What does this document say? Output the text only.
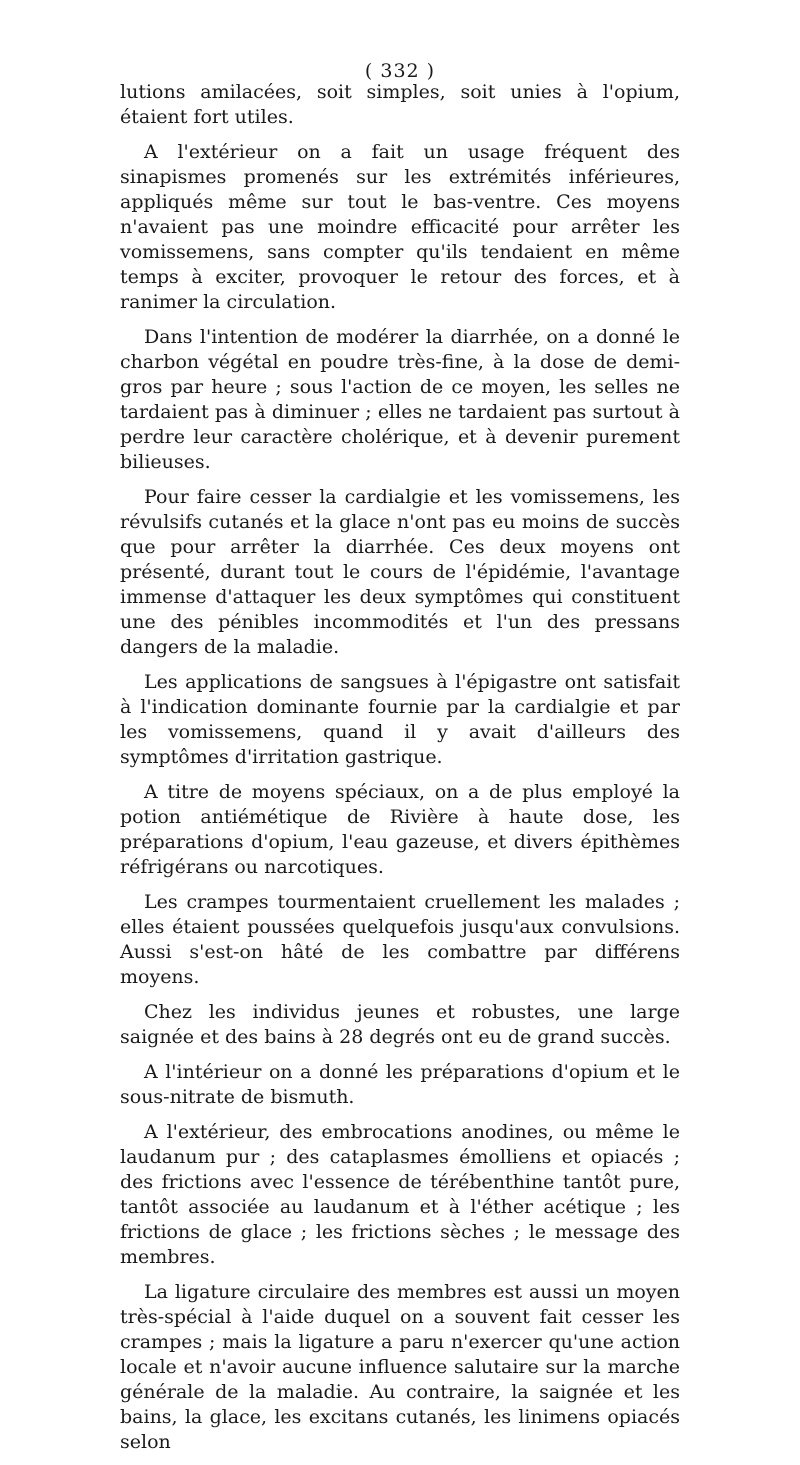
( 332 )

lutions amilacées, soit simples, soit unies à l'opium, étaient fort utiles.

A l'extérieur on a fait un usage fréquent des sinapismes promenés sur les extrémités inférieures, appliqués même sur tout le bas-ventre. Ces moyens n'avaient pas une moindre efficacité pour arrêter les vomissemens, sans compter qu'ils tendaient en même temps à exciter, provoquer le retour des forces, et à ranimer la circulation.

Dans l'intention de modérer la diarrhée, on a donné le charbon végétal en poudre très-fine, à la dose de demi-gros par heure ; sous l'action de ce moyen, les selles ne tardaient pas à diminuer ; elles ne tardaient pas surtout à perdre leur caractère cholérique, et à devenir purement bilieuses.

Pour faire cesser la cardialgie et les vomissemens, les révulsifs cutanés et la glace n'ont pas eu moins de succès que pour arrêter la diarrhée. Ces deux moyens ont présenté, durant tout le cours de l'épidémie, l'avantage immense d'attaquer les deux symptômes qui constituent une des pénibles incommodités et l'un des pressans dangers de la maladie.

Les applications de sangsues à l'épigastre ont satisfait à l'indication dominante fournie par la cardialgie et par les vomissemens, quand il y avait d'ailleurs des symptômes d'irritation gastrique.

A titre de moyens spéciaux, on a de plus employé la potion antiémétique de Rivière à haute dose, les préparations d'opium, l'eau gazeuse, et divers épithèmes réfrigérans ou narcotiques.

Les crampes tourmentaient cruellement les malades ; elles étaient poussées quelquefois jusqu'aux convulsions. Aussi s'est-on hâté de les combattre par différens moyens.

Chez les individus jeunes et robustes, une large saignée et des bains à 28 degrés ont eu de grand succès.

A l'intérieur on a donné les préparations d'opium et le sous-nitrate de bismuth.

A l'extérieur, des embrocations anodines, ou même le laudanum pur ; des cataplasmes émolliens et opiacés ; des frictions avec l'essence de térébenthine tantôt pure, tantôt associée au laudanum et à l'éther acétique ; les frictions de glace ; les frictions sèches ; le message des membres.

La ligature circulaire des membres est aussi un moyen très-spécial à l'aide duquel on a souvent fait cesser les crampes ; mais la ligature a paru n'exercer qu'une action locale et n'avoir aucune influence salutaire sur la marche générale de la maladie. Au contraire, la saignée et les bains, la glace, les excitans cutanés, les linimens opiacés selon
